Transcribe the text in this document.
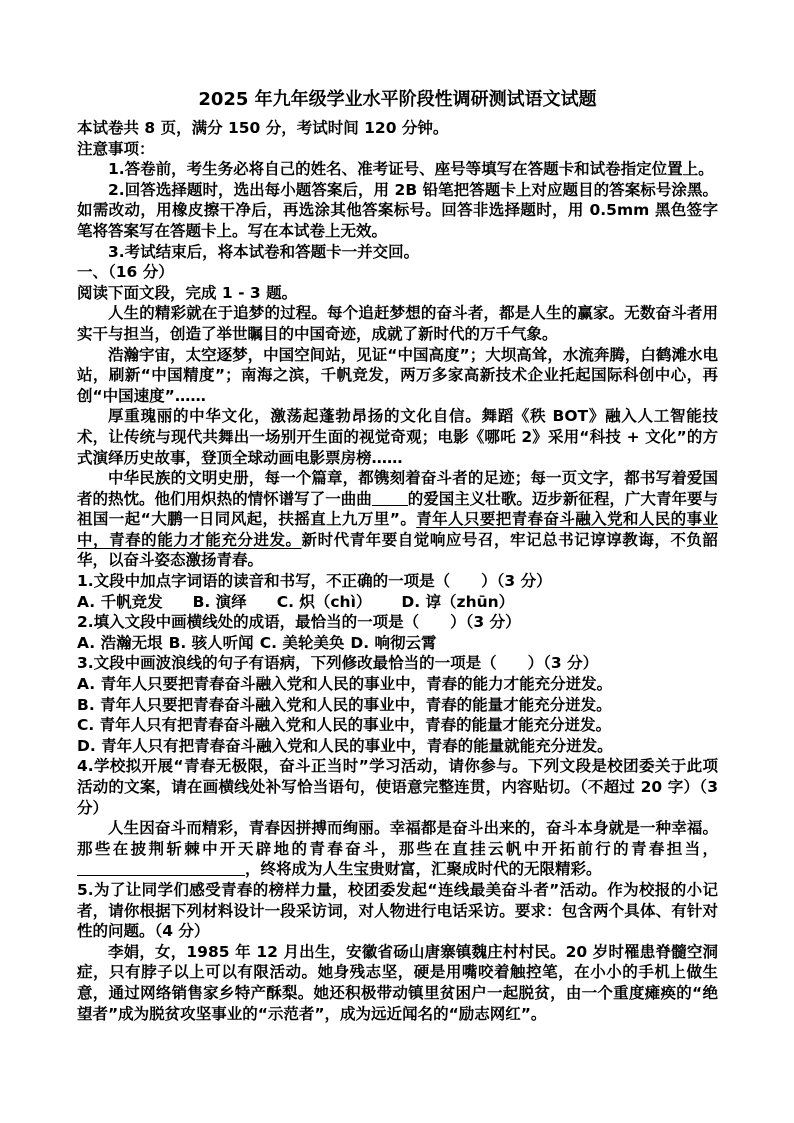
2025 年九年级学业水平阶段性调研测试语文试题

本试卷共 8 页，满分 150 分，考试时间 120 分钟。

注意事项：

1.答卷前，考生务必将自己的姓名、准考证号、座号等填写在答题卡和试卷指定位置上。

2.回答选择题时，选出每小题答案后，用 2B 铅笔把答题卡上对应题目的答案标号涂黑。如需改动，用橡皮擦干净后，再选涂其他答案标号。回答非选择题时，用 0.5mm 黑色签字笔将答案写在答题卡上。写在本试卷上无效。

3.考试结束后，将本试卷和答题卡一并交回。

一、（16 分）

阅读下面文段，完成 1 - 3 题。

人生的精彩就在于追梦的过程。每个追赶梦想的奋斗者，都是人生的赢家。无数奋斗者用实干与担当，创造了举世瞩目的中国奇迹，成就了新时代的万千气象。

浩瀚宇宙，太空逐梦，中国空间站，见证“中国高度”；大坝高耸，水流奔腾，白鹤滩水电站，刷新“中国精度”；南海之滨，千帆竞发，两万多家高新技术企业托起国际科创中心，再创“中国速度”……

厚重瑰丽的中华文化，激荡起蓬勃昂扬的文化自信。舞蹈《秩 BOT》融入人工智能技术，让传统与现代共舞出一场别开生面的视觉奇观；电影《哪吒 2》采用“科技 + 文化”的方式演绎历史故事，登顶全球动画电影票房榜……

中华民族的文明史册，每一个篇章，都镌刻着奋斗者的足迹；每一页文字，都书写着爱国者的热忱。他们用炽热的情怀谱写了一曲曲 的爱国主义壮歌。迈步新征程，广大青年要与祖国一起“大鹏一日同风起，扶摇直上九万里”。青年人只要把青春奋斗融入党和人民的事业中，青春的能力才能充分进发。新时代青年要自觉响应号召，牢记总书记谆谆教诲，不负韶华，以奋斗姿态激扬青春。

1.文段中加点字词语的读音和书写，不正确的一项是（　　）（3 分）

A. 千帆竞发 B. 演绎 C. 炽（chì） D. 谆（zhūn）

2.填入文段中画横线处的成语，最恰当的一项是（　　）（3 分）

A. 浩瀚无垠 B. 骇人听闻 C. 美轮美奂 D. 响彻云霄

3.文段中画波浪线的句子有语病，下列修改最恰当的一项是（　　）（3 分）

A. 青年人只要把青春奋斗融入党和人民的事业中，青春的能力才能充分迸发。

B. 青年人只要把青春奋斗融入党和人民的事业中，青春的能量才能充分迸发。

C. 青年人只有把青春奋斗融入党和人民的事业中，青春的能量才能充分迸发。

D. 青年人只有把青春奋斗融入党和人民的事业中，青春的能量就能充分迸发。

4.学校拟开展“青春无极限，奋斗正当时”学习活动，请你参与。下列文段是校团委关于此项活动的文案，请在画横线处补写恰当语句，使语意完整连贯，内容贴切。（不超过 20 字）（3 分）

人生因奋斗而精彩，青春因拼搏而绚丽。幸福都是奋斗出来的，奋斗本身就是一种幸福。那些在披荆斩棘中开天辟地的青春奋斗，那些在直挂云帆中开拓前行的青春担当，，终将成为人生宝贵财富，汇聚成时代的无限精彩。

5.为了让同学们感受青春的榜样力量，校团委发起“连线最美奋斗者”活动。作为校报的小记者，请你根据下列材料设计一段采访词，对人物进行电话采访。要求：包含两个具体、有针对性的问题。（4 分）

李娟，女，1985 年 12 月出生，安徽省砀山唐寨镇魏庄村村民。20 岁时罹患脊髓空洞症，只有脖子以上可以有限活动。她身残志坚，硬是用嘴咬着触控笔，在小小的手机上做生意，通过网络销售家乡特产酥梨。她还积极带动镇里贫困户一起脱贫，由一个重度瘫痪的“绝望者”成为脱贫攻坚事业的“示范者”，成为远近闻名的“励志网红”。
